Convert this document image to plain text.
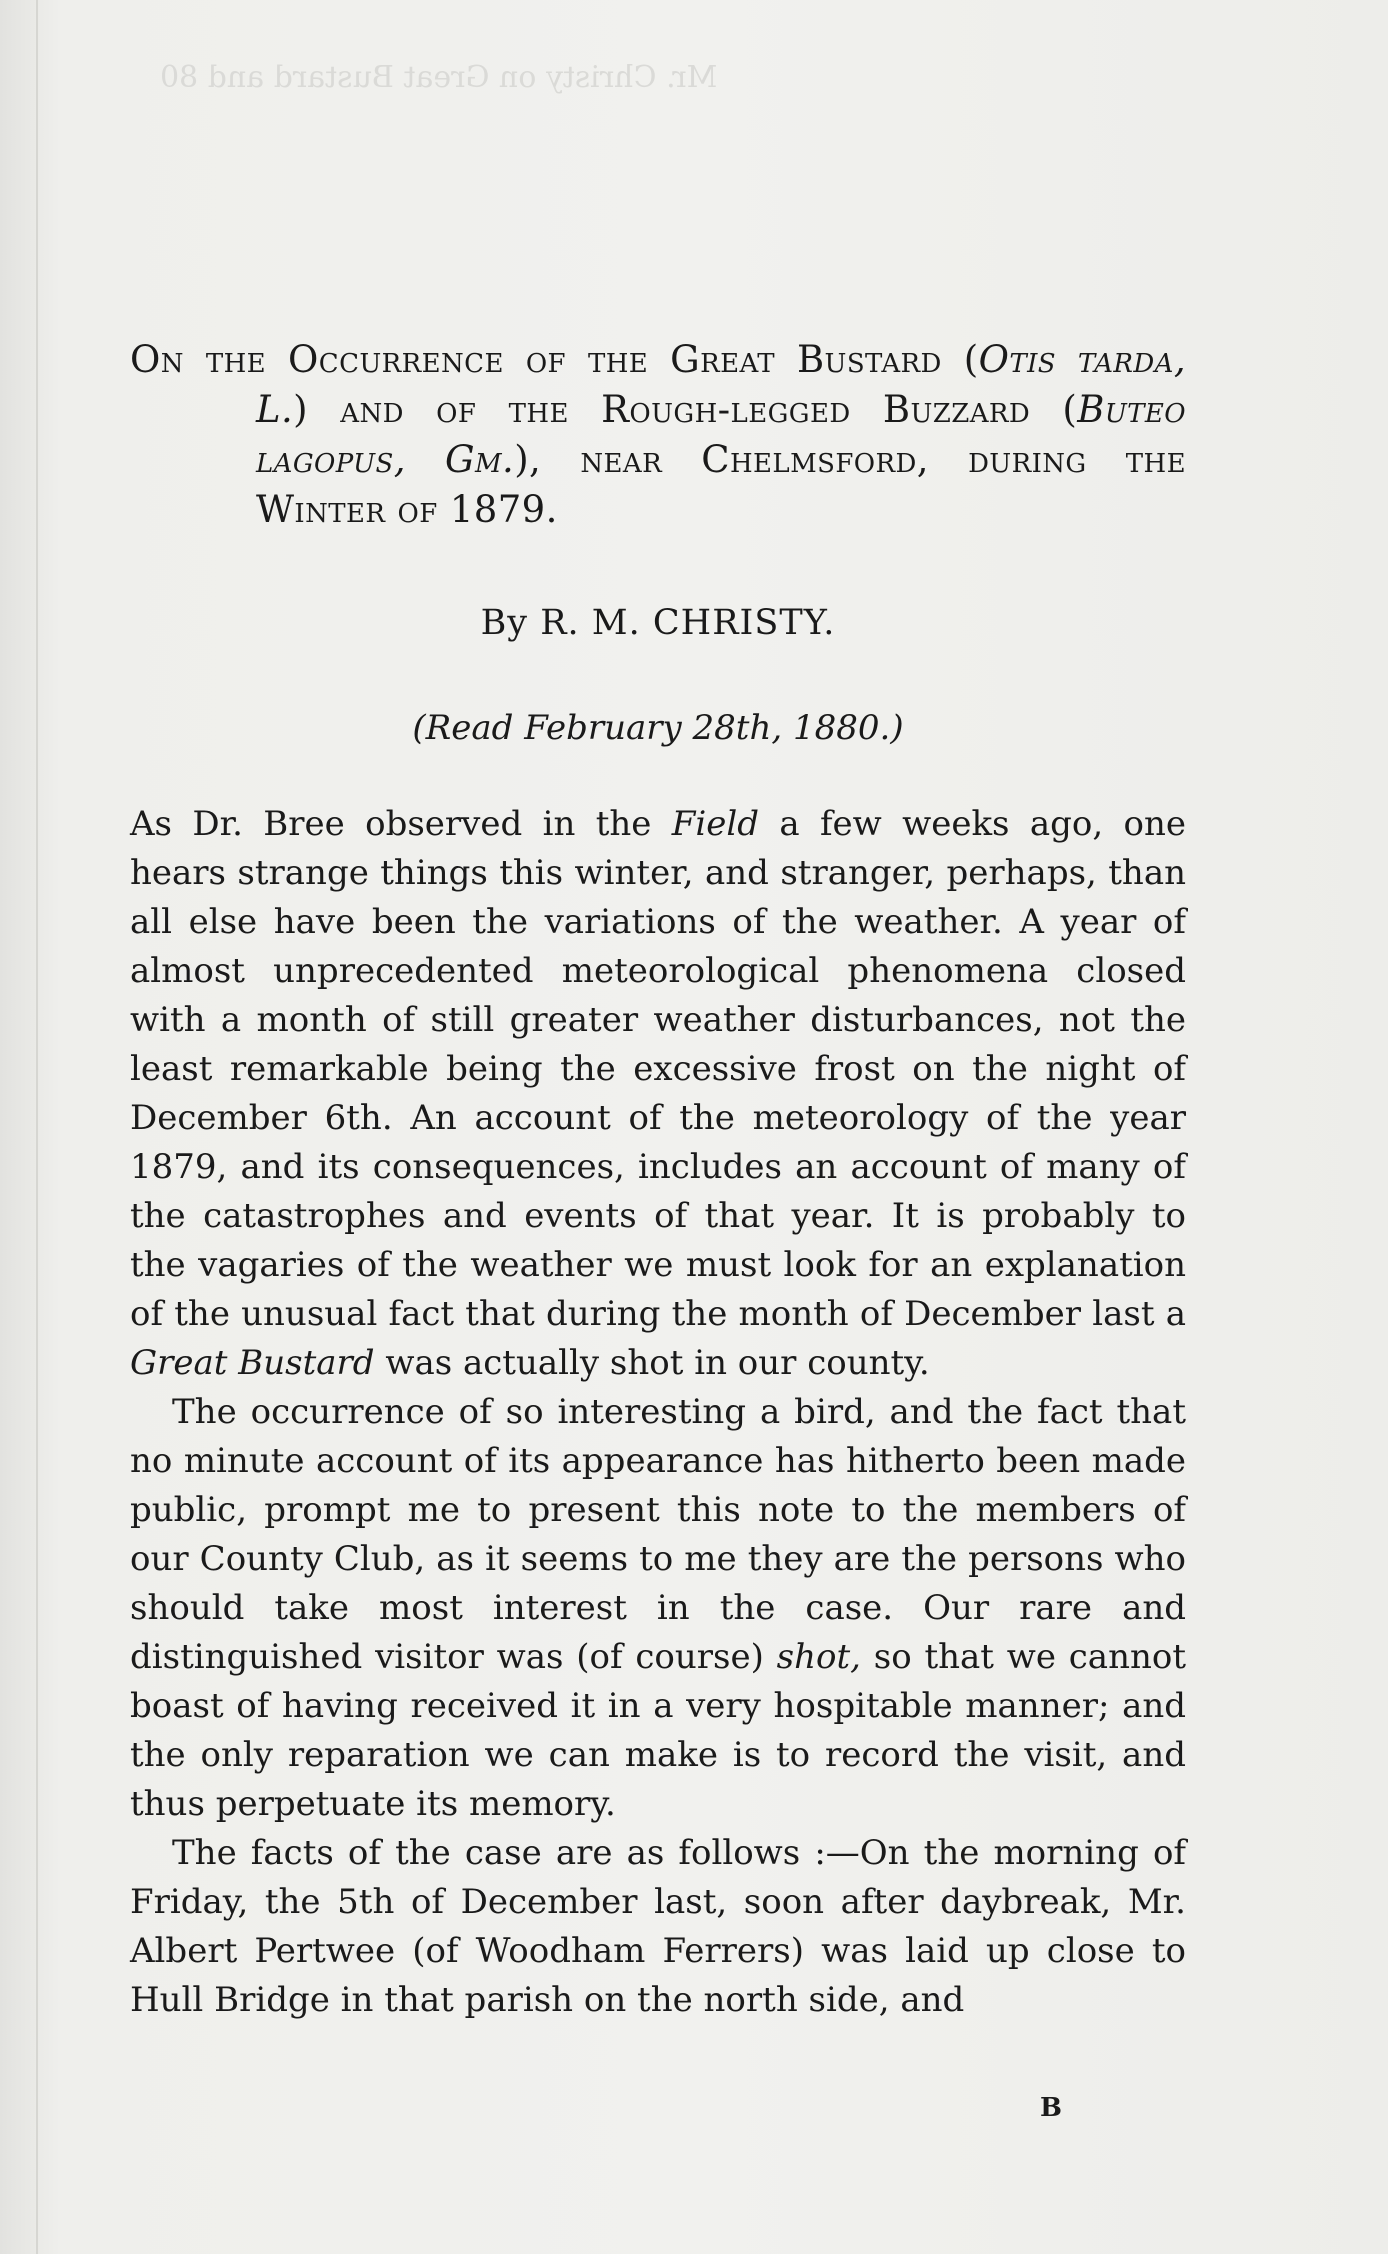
Mr. Christy on Great Bustard and 80
On the Occurrence of the Great Bustard (Otis tarda,
L.) and of the Rough-legged Buzzard (Buteo
lagopus, Gm.), near Chelmsford, during the
Winter of 1879.
By R. M. CHRISTY.
(Read February 28th, 1880.)

As Dr. Bree observed in the Field a few weeks ago, one hears strange things this winter, and stranger, perhaps, than all else have been the variations of the weather. A year of almost unprecedented meteorological phenomena closed with a month of still greater weather disturbances, not the least remarkable being the excessive frost on the night of December 6th. An account of the meteorology of the year 1879, and its consequences, includes an account of many of the catastrophes and events of that year. It is probably to the vagaries of the weather we must look for an explanation of the unusual fact that during the month of December last a Great Bustard was actually shot in our county.

The occurrence of so interesting a bird, and the fact that no minute account of its appearance has hitherto been made public, prompt me to present this note to the members of our County Club, as it seems to me they are the persons who should take most interest in the case. Our rare and distinguished visitor was (of course) shot, so that we cannot boast of having received it in a very hospitable manner; and the only reparation we can make is to record the visit, and thus perpetuate its memory.

The facts of the case are as follows :—On the morning of Friday, the 5th of December last, soon after daybreak, Mr. Albert Pertwee (of Woodham Ferrers) was laid up close to Hull Bridge in that parish on the north side, and

B
